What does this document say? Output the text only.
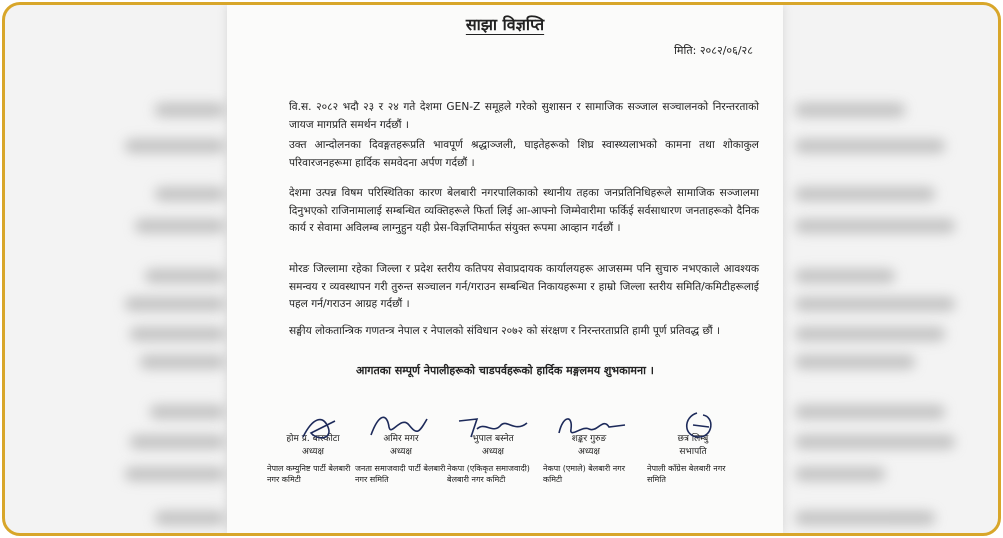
साझा विज्ञप्ति
मिति: २०८२/०६/२८
वि.स. २०८२ भदौ २३ र २४ गते देशमा GEN-Z समूहले गरेको सुशासन र सामाजिक सञ्जाल सञ्चालनको निरन्तरताको जायज मागप्रति समर्थन गर्दछौं ।
उक्त आन्दोलनका दिवङ्गतहरूप्रति भावपूर्ण श्रद्धाञ्जली, घाइतेहरूको शिघ्र स्वास्थ्यलाभको कामना तथा शोकाकुल परिवारजनहरूमा हार्दिक समवेदना अर्पण गर्दछौं ।
देशमा उत्पन्न विषम परिस्थितिका कारण बेलबारी नगरपालिकाको स्थानीय तहका जनप्रतिनिधिहरूले सामाजिक सञ्जालमा दिनुभएको राजिनामालाई सम्बन्धित व्यक्तिहरूले फिर्ता लिई आ-आफ्नो जिम्मेवारीमा फर्किई सर्वसाधारण जनताहरूको दैनिक कार्य र सेवामा अविलम्ब लाग्नुहुन यही प्रेस-विज्ञप्तिमार्फत संयुक्त रूपमा आव्हान गर्दछौं ।
मोरङ जिल्लामा रहेका जिल्ला र प्रदेश स्तरीय कतिपय सेवाप्रदायक कार्यालयहरू आजसम्म पनि सुचारु नभएकाले आवश्यक समन्वय र व्यवस्थापन गरी तुरुन्त सञ्चालन गर्न/गराउन सम्बन्धित निकायहरूमा र हाम्रो जिल्ला स्तरीय समिति/कमिटीहरूलाई पहल गर्न/गराउन आग्रह गर्दछौं ।
सङ्घीय लोकतान्त्रिक गणतन्त्र नेपाल र नेपालको संविधान २०७२ को संरक्षण र निरन्तरताप्रति हामी पूर्ण प्रतिवद्ध छौं ।
आगतका सम्पूर्ण नेपालीहरूको चाडपर्वहरूको हार्दिक मङ्गलमय शुभकामना ।
होम प्र. बास्कोटा
अध्यक्ष
नेपाल कम्युनिष्ट पार्टी बेलबारी नगर कमिटी
अमिर मगर
अध्यक्ष
जनता समाजवादी पार्टी बेलबारी नगर समिति
भुपाल बस्नेत
अध्यक्ष
नेकपा (एकिकृत समाजवादी) बेलबारी नगर कमिटी
शङ्कर गुरुङ
अध्यक्ष
नेकपा (एमाले) बेलबारी नगर कमिटी
छत्र लिम्बु
सभापति
नेपाली काँग्रेस बेलबारी नगर समिति
